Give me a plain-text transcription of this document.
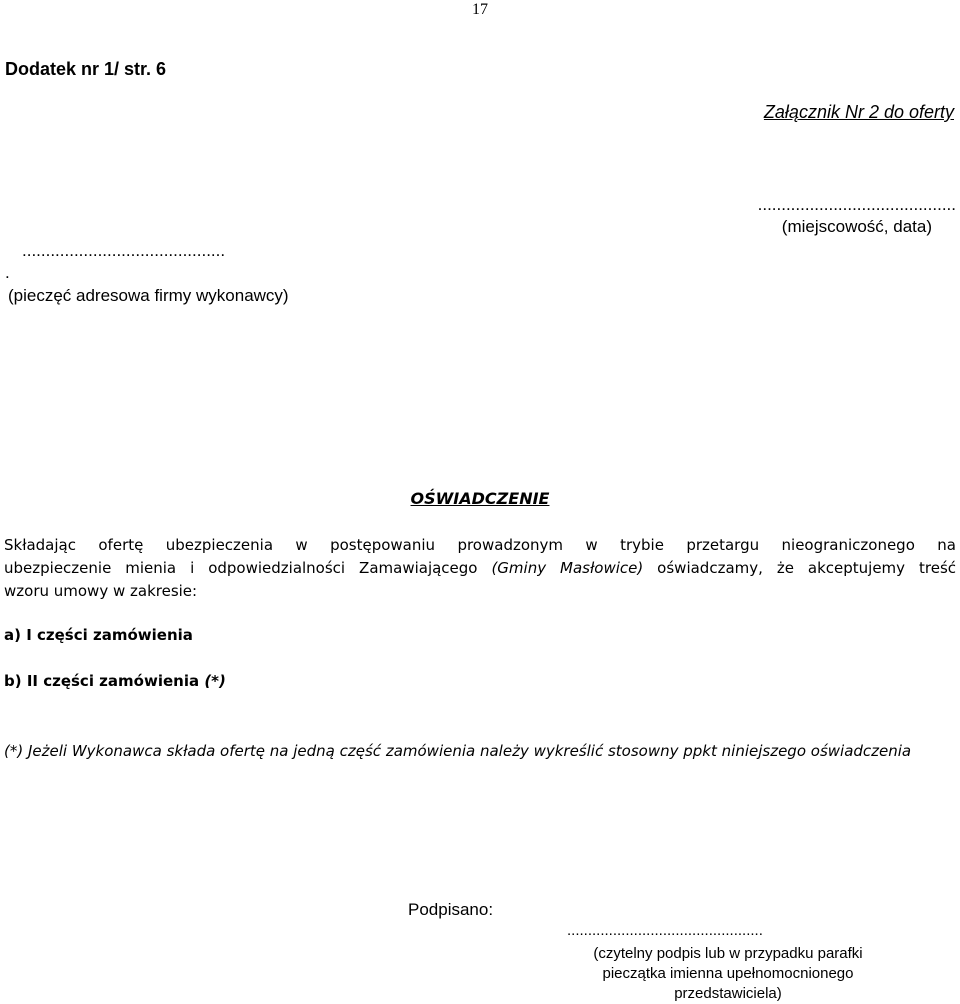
17
Dodatek nr 1/ str. 6
Załącznik Nr 2 do oferty
..........................................
(miejscowość, data)
...........................................
.
(pieczęć adresowa firmy wykonawcy)
OŚWIADCZENIE
Składając ofertę ubezpieczenia w postępowaniu prowadzonym w trybie przetargu nieograniczonego na
ubezpieczenie mienia i odpowiedzialności Zamawiającego (Gminy Masłowice) oświadczamy, że akceptujemy treść
wzoru umowy w zakresie:
a) I części zamówienia
b) II części zamówienia (*)
(*) Jeżeli Wykonawca składa ofertę na jedną część zamówienia należy wykreślić stosowny ppkt niniejszego oświadczenia
Podpisano:
...............................................
(czytelny podpis lub w przypadku parafki
pieczątka imienna upełnomocnionego
przedstawiciela)
